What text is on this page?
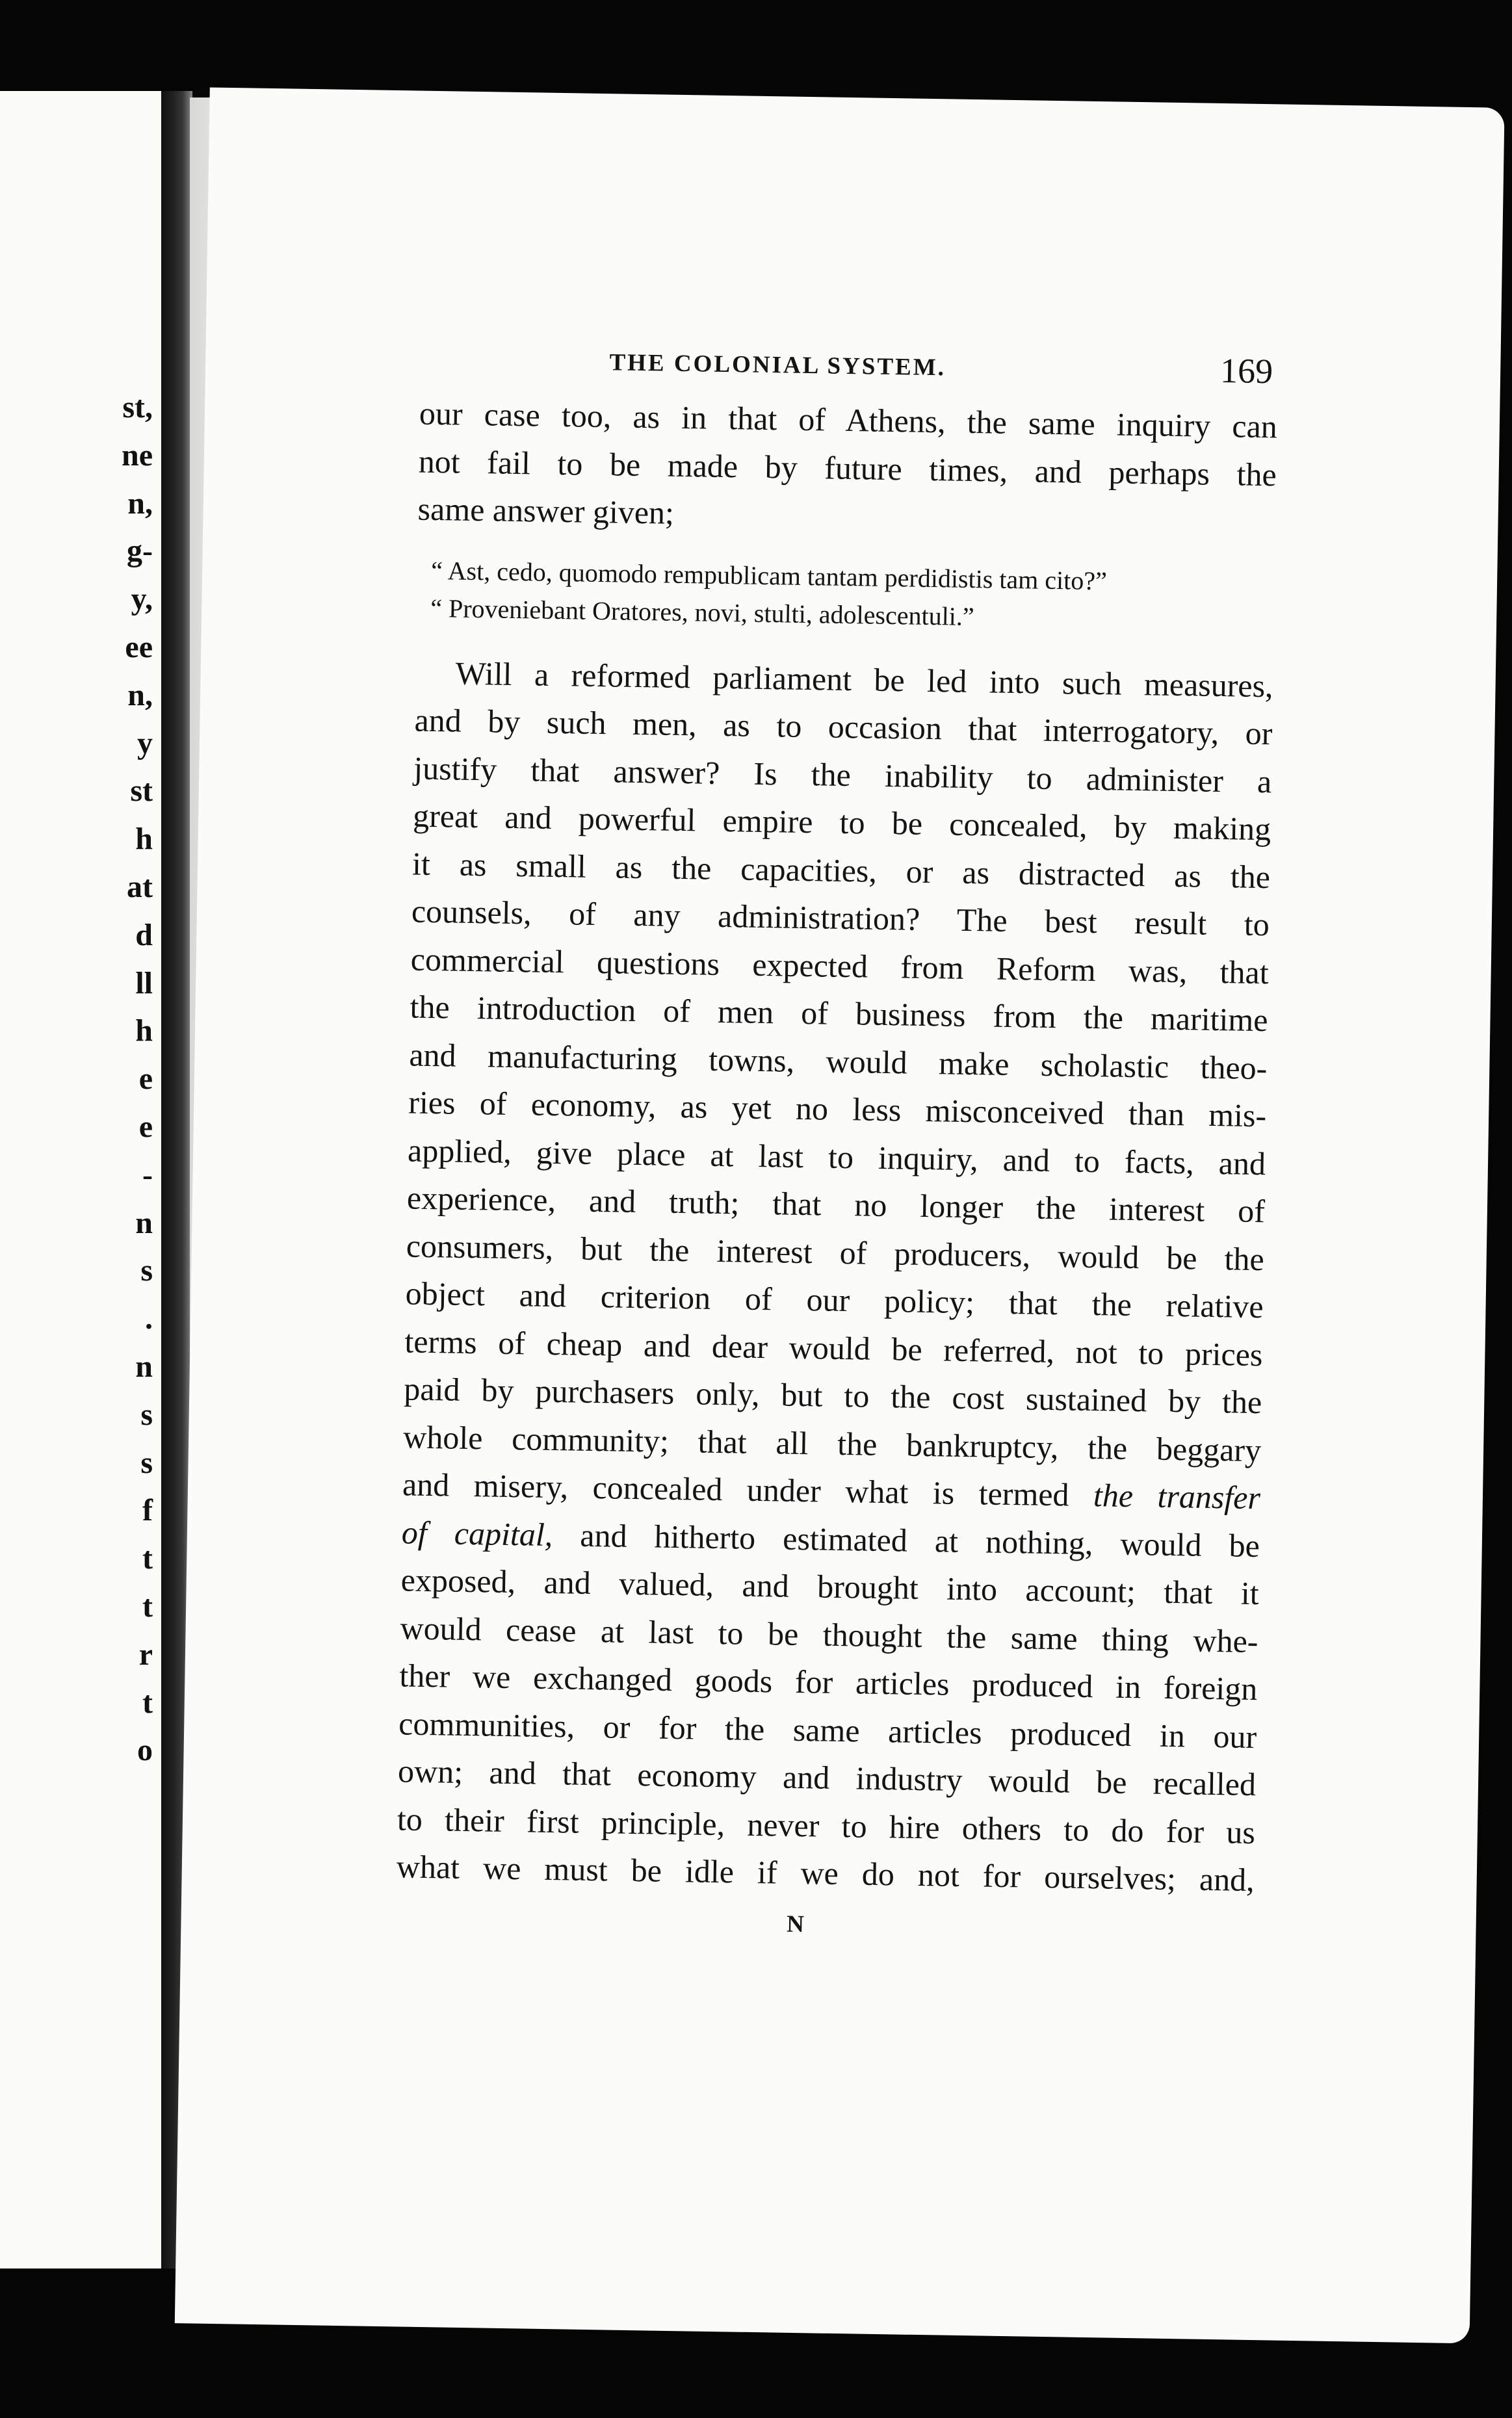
st,
ne
n,
g-
y,
ee
n,
y
st
h
at
d
ll
h
e
e
-
n
s
.
n
s
s
f
t
t
r
t
o
THE COLONIAL SYSTEM.	169
our case too, as in that of Athens, the same inquiry can
not fail to be made by future times, and perhaps the
same answer given;
“ Ast, cedo, quomodo rempublicam tantam perdidistis tam cito?”
“ Proveniebant Oratores, novi, stulti, adolescentuli.”
Will a reformed parliament be led into such measures,
and by such men, as to occasion that interrogatory, or
justify that answer? Is the inability to administer a
great and powerful empire to be concealed, by making
it as small as the capacities, or as distracted as the
counsels, of any administration? The best result to
commercial questions expected from Reform was, that
the introduction of men of business from the maritime
and manufacturing towns, would make scholastic theo-
ries of economy, as yet no less misconceived than mis-
applied, give place at last to inquiry, and to facts, and
experience, and truth; that no longer the interest of
consumers, but the interest of producers, would be the
object and criterion of our policy; that the relative
terms of cheap and dear would be referred, not to prices
paid by purchasers only, but to the cost sustained by the
whole community; that all the bankruptcy, the beggary
and misery, concealed under what is termed the transfer
of capital, and hitherto estimated at nothing, would be
exposed, and valued, and brought into account; that it
would cease at last to be thought the same thing whe-
ther we exchanged goods for articles produced in foreign
communities, or for the same articles produced in our
own; and that economy and industry would be recalled
to their first principle, never to hire others to do for us
what we must be idle if we do not for ourselves; and,
N
